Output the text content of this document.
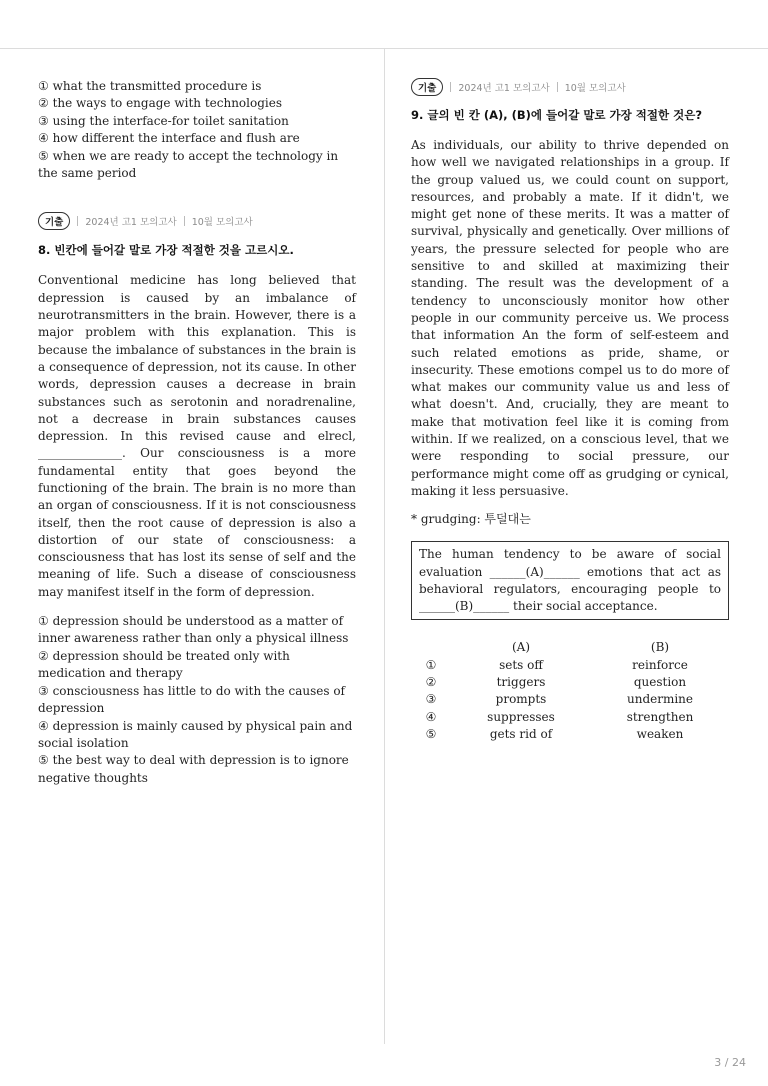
① what the transmitted procedure is

② the ways to engage with technologies

③ using the interface-for toilet sanitation

④ how different the interface and flush are

⑤ when we are ready to accept the technology in the same period

기출	2024년 고1 모의고사 10월 모의고사

8. 빈칸에 들어갈 말로 가장 적절한 것을 고르시오.

Conventional medicine has long believed that depression is caused by an imbalance of neurotransmitters in the brain. However, there is a major problem with this explanation. This is because the imbalance of substances in the brain is a consequence of depression, not its cause. In other words, depression causes a decrease in brain substances such as serotonin and noradrenaline, not a decrease in brain substances causes depression. In this revised cause and elrecl, ______________. Our consciousness is a more fundamental entity that goes beyond the functioning of the brain. The brain is no more than an organ of consciousness. If it is not consciousness itself, then the root cause of depression is also a distortion of our state of consciousness: a consciousness that has lost its sense of self and the meaning of life. Such a disease of consciousness may manifest itself in the form of depression.

① depression should be understood as a matter of inner awareness rather than only a physical illness

② depression should be treated only with medication and therapy

③ consciousness has little to do with the causes of depression

④ depression is mainly caused by physical pain and social isolation

⑤ the best way to deal with depression is to ignore negative thoughts

기출	2024년 고1 모의고사 10월 모의고사

9. 글의 빈 칸 (A), (B)에 들어갈 말로 가장 적절한 것은?

As individuals, our ability to thrive depended on how well we navigated relationships in a group. If the group valued us, we could count on support, resources, and probably a mate. If it didn't, we might get none of these merits. It was a matter of survival, physically and genetically. Over millions of years, the pressure selected for people who are sensitive to and skilled at maximizing their standing. The result was the development of a tendency to unconsciously monitor how other people in our community perceive us. We process that information An the form of self-esteem and such related emotions as pride, shame, or insecurity. These emotions compel us to do more of what makes our community value us and less of what doesn't. And, crucially, they are meant to make that motivation feel like it is coming from within. If we realized, on a conscious level, that we were responding to social pressure, our performance might come off as grudging or cynical, making it less persuasive.

* grudging: 투덜대는

The human tendency to be aware of social evaluation ______(A)______ emotions that act as behavioral regulators, encouraging people to ______(B)______ their social acceptance.
	(A)	(B)
①	sets off	reinforce
②	triggers	question
③	prompts	undermine
④	suppresses	strengthen
⑤	gets rid of	weaken
3 / 24
